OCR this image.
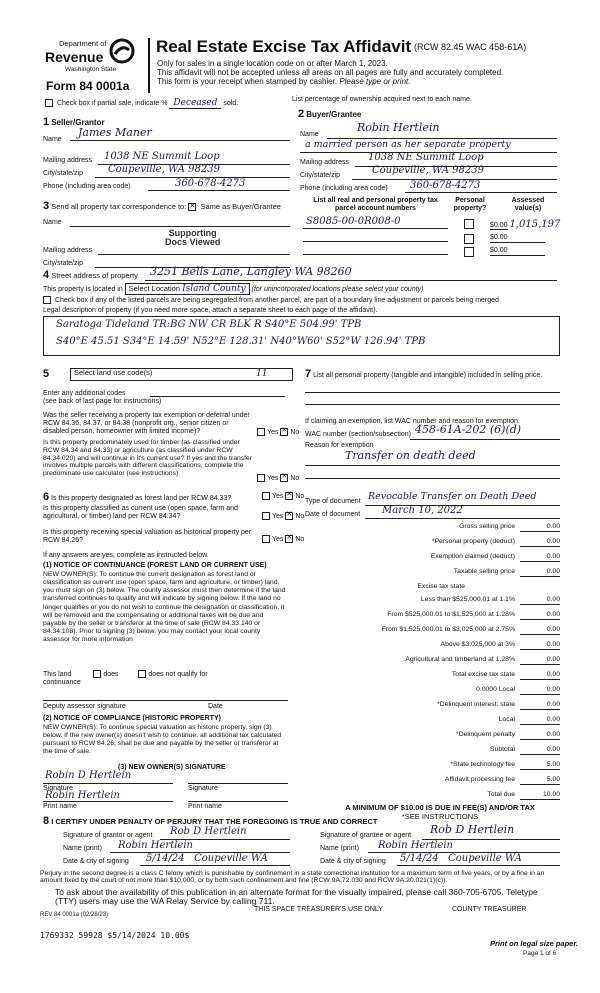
Department of
Revenue
Washington State
Form 84 0001a
Real Estate Excise Tax Affidavit (RCW 82.45 WAC 458-61A)
Only for sales in a single location code on or after March 1, 2023.
This affidavit will not be accepted unless all areas on all pages are fully and accurately completed.
This form is your receipt when stamped by cashier. Please type or print.
Check box if partial sale, indicate % Deceased sold.
List percentage of ownership acquired next to each name.
1 Seller/Grantor
Name
James Maner
Mailing address 1038 NE Summit Loop
City/state/zip Coupeville, WA 98239
Phone (including area code)	360-678-4273
2 Buyer/Grantee
Name
Robin Hertlein
a married person as her separate property
Mailing address 1038 NE Summit Loop
City/state/zip	Coupeville, WA 98239
Phone (including area code) 360-678-4273
3 Send all property tax correspondence to: ✕ Same as Buyer/Grantee
Name
Supporting
Docs Viewed
Mailing address
City/state/zip
List all real and personal property tax parcel account numbers
Personal property?
Assessed value(s)
S8085-00-0R008-0	$0.00 1,015,197
$0.00
$0.00
4 Street address of property 3251 Bells Lane, Langley WA 98260
This property is located in Select Location Island County (for unincorporated locations please select your county)
Check box if any of the listed parcels are being segregated from another parcel, are part of a boundary line adjustment or parcels being merged
Legal description of property (if you need more space, attach a separate sheet to each page of the affidavit).
Saratoga Tideland TR:BG NW CR BLK R S40°E 504.99' TPB
S40°E 45.51 S34°E 14.59' N52°E 128.31' N40°W60' S52°W 126.94' TPB
5	Select land use code(s)	11
Enter any additional codes
(see back of last page for instructions)
Was the seller receiving a property tax exemption or deferral under RCW 84.36, 84.37, or 84.38 (nonprofit org., senior citizen or disabled person, homeowner with limited income)?	Yes ✕ No
Is this property predominately used for timber (as classified under RCW 84.34 and 84.33) or agriculture (as classified under RCW 84.34.020) and will continue in it's current use? If yes and the transfer involves multiple parcels with different classifications, complete the predominate use calculator (see instructions)
Yes ✕ No
6 Is this property designated as forest land per RCW 84.33?	Yes ✕ No
Is this property classified as current use (open space, farm and agricultural, or timber) land per RCW 84.34?	Yes ✕ No
Is this property receiving special valuation as historical property per RCW 84.26?	Yes ✕ No
If any answers are yes, complete as instructed below.
(1) NOTICE OF CONTINUANCE (FOREST LAND OR CURRENT USE)
NEW OWNER(S): To continue the current designation as forest land or classification as current use (open space, farm and agriculture, or timber) land, you must sign on (3) below. The county assessor must then determine if the land transferred continues to qualify and will indicate by signing below. If the land no longer qualifies or you do not wish to continue the designation or classification, it will be removed and the compensating or additional taxes will be due and payable by the seller or transferor at the time of sale (RCW 84.33.140 or 84.34.108). Prior to signing (3) below, you may contact your local county assessor for more information
This land	does	does not qualify for
continuance
Deputy assessor signature	Date
(2) NOTICE OF COMPLIANCE (HISTORIC PROPERTY)
NEW OWNER(S): To continue special valuation as historic property, sign (3) below. If the new owner(s) doesn't wish to continue, all additional tax calculated pursuant to RCW 84.26, shall be due and payable by the seller or transferor at the time of sale.
(3) NEW OWNER(S) SIGNATURE
Robin D Hertlein
Signature	Signature
Robin Hertlein
Print name	Print name
7 List all personal property (tangible and intangible) included in selling price.
If claiming an exemption, list WAC number and reason for exemption.
WAC number (section/subsection) 458-61A-202 (6)(d)
Reason for exemption
Transfer on death deed
Type of document Revocable Transfer on Death Deed
Date of document March 10, 2022
Gross selling price	0.00
*Personal property (deduct)	0.00
Exemption claimed (deduct)	0.00
Taxable selling price	0.00
Excise tax state
Less than $525,000.01 at 1.1%	0.00
From $525,000.01 to $1,525,000 at 1.28%	0.00
From $1,525,000.01 to $3,025,000 at 2.75%	0.00
Above $3,025,000 at 3%	0.00
Agricultural and timberland at 1.28%	0.00
Total excise tax state	0.00
0.0000 Local	0.00
*Delinquent interest: state	0.00
Local	0.00
*Delinquent penalty	0.00
Subtotal	0.00
*State technology fee	5.00
Affidavit processing fee	5.00
Total due	10.00
A MINIMUM OF $10.00 IS DUE IN FEE(S) AND/OR TAX
*SEE INSTRUCTIONS
8 I CERTIFY UNDER PENALTY OF PERJURY THAT THE FOREGOING IS TRUE AND CORRECT
Signature of grantor or agent Rob D Hertlein
Name (print) Robin Hertlein
Date & city of signing 5/14/24   Coupeville WA
Signature of grantee or agent Rob D Hertlein
Name (print) Robin Hertlein
Date & city of signing 5/14/24   Coupeville WA
Perjury in the second degree is a class C felony which is punishable by confinement in a state correctional institution for a maximum term of five years, or by a fine in an amount fixed by the court of not more than $10,000, or by both such confinement and fine (RCW 9A.72.030 and RCW 9A.20.021(1)(c)).
To ask about the availability of this publication in an alternate format for the visually impaired, please call 360-705-6705. Teletype (TTY) users may use the WA Relay Service by calling 711.
REV 84 0001a (02/28/23)
THIS SPACE TREASURER'S USE ONLY	COUNTY TREASURER
1769332 59928 $5/14/2024 10.00$
Print on legal size paper.
Page 1 of 6
